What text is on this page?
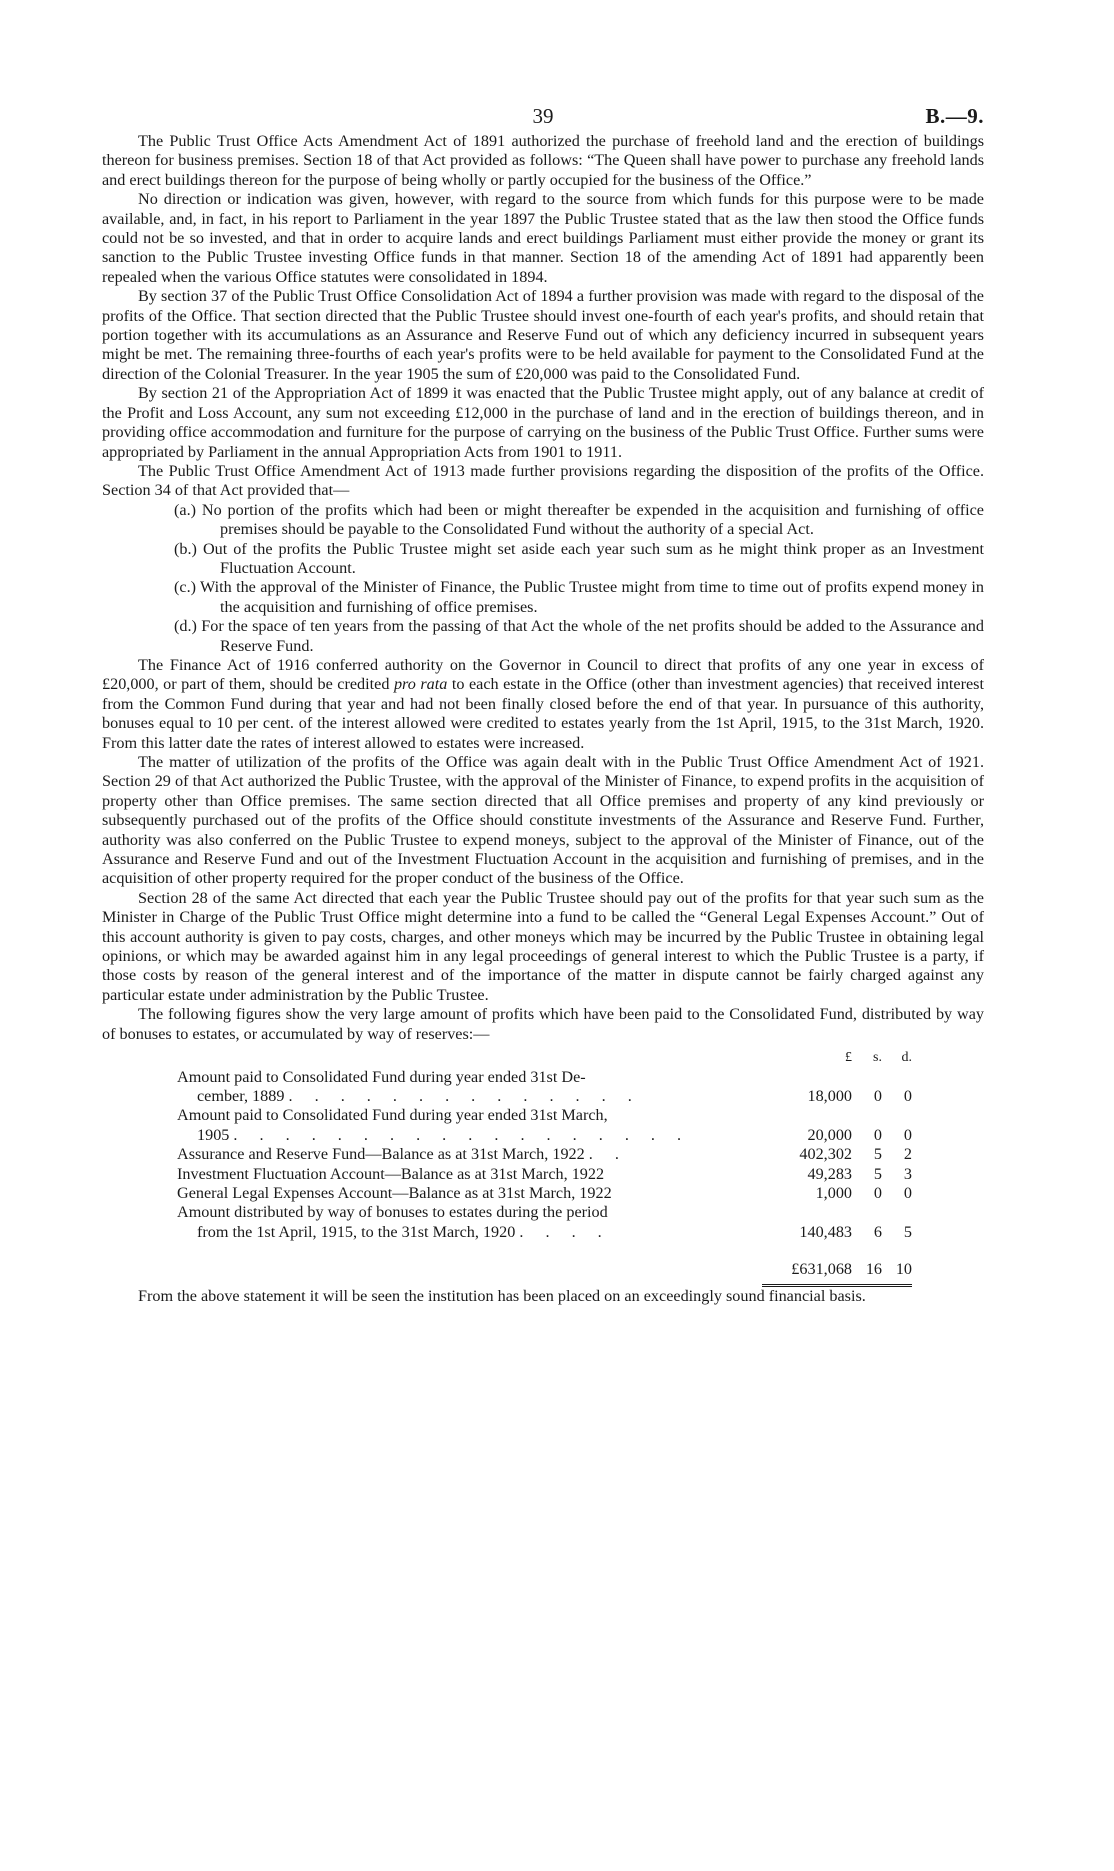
39	B.—9.

The Public Trust Office Acts Amendment Act of 1891 authorized the purchase of freehold land and the erection of buildings thereon for business premises. Section 18 of that Act provided as follows: “The Queen shall have power to purchase any freehold lands and erect buildings thereon for the purpose of being wholly or partly occupied for the business of the Office.”

No direction or indication was given, however, with regard to the source from which funds for this purpose were to be made available, and, in fact, in his report to Parliament in the year 1897 the Public Trustee stated that as the law then stood the Office funds could not be so invested, and that in order to acquire lands and erect buildings Parliament must either provide the money or grant its sanction to the Public Trustee investing Office funds in that manner. Section 18 of the amending Act of 1891 had apparently been repealed when the various Office statutes were consolidated in 1894.

By section 37 of the Public Trust Office Consolidation Act of 1894 a further provision was made with regard to the disposal of the profits of the Office. That section directed that the Public Trustee should invest one-fourth of each year's profits, and should retain that portion together with its accumulations as an Assurance and Reserve Fund out of which any deficiency incurred in subsequent years might be met. The remaining three-fourths of each year's profits were to be held available for payment to the Consolidated Fund at the direction of the Colonial Treasurer. In the year 1905 the sum of £20,000 was paid to the Consolidated Fund.

By section 21 of the Appropriation Act of 1899 it was enacted that the Public Trustee might apply, out of any balance at credit of the Profit and Loss Account, any sum not exceeding £12,000 in the purchase of land and in the erection of buildings thereon, and in providing office accommodation and furniture for the purpose of carrying on the business of the Public Trust Office. Further sums were appropriated by Parliament in the annual Appropriation Acts from 1901 to 1911.

The Public Trust Office Amendment Act of 1913 made further provisions regarding the disposition of the profits of the Office. Section 34 of that Act provided that—

(a.) No portion of the profits which had been or might thereafter be expended in the acquisition and furnishing of office premises should be payable to the Consolidated Fund without the authority of a special Act.

(b.) Out of the profits the Public Trustee might set aside each year such sum as he might think proper as an Investment Fluctuation Account.

(c.) With the approval of the Minister of Finance, the Public Trustee might from time to time out of profits expend money in the acquisition and furnishing of office premises.

(d.) For the space of ten years from the passing of that Act the whole of the net profits should be added to the Assurance and Reserve Fund.

The Finance Act of 1916 conferred authority on the Governor in Council to direct that profits of any one year in excess of £20,000, or part of them, should be credited pro rata to each estate in the Office (other than investment agencies) that received interest from the Common Fund during that year and had not been finally closed before the end of that year. In pursuance of this authority, bonuses equal to 10 per cent. of the interest allowed were credited to estates yearly from the 1st April, 1915, to the 31st March, 1920. From this latter date the rates of interest allowed to estates were increased.

The matter of utilization of the profits of the Office was again dealt with in the Public Trust Office Amendment Act of 1921. Section 29 of that Act authorized the Public Trustee, with the approval of the Minister of Finance, to expend profits in the acquisition of property other than Office premises. The same section directed that all Office premises and property of any kind previously or subsequently purchased out of the profits of the Office should constitute investments of the Assurance and Reserve Fund. Further, authority was also conferred on the Public Trustee to expend moneys, subject to the approval of the Minister of Finance, out of the Assurance and Reserve Fund and out of the Investment Fluctuation Account in the acquisition and furnishing of premises, and in the acquisition of other property required for the proper conduct of the business of the Office.

Section 28 of the same Act directed that each year the Public Trustee should pay out of the profits for that year such sum as the Minister in Charge of the Public Trust Office might determine into a fund to be called the “General Legal Expenses Account.” Out of this account authority is given to pay costs, charges, and other moneys which may be incurred by the Public Trustee in obtaining legal opinions, or which may be awarded against him in any legal proceedings of general interest to which the Public Trustee is a party, if those costs by reason of the general interest and of the importance of the matter in dispute cannot be fairly charged against any particular estate under administration by the Public Trustee.

The following figures show the very large amount of profits which have been paid to the Consolidated Fund, distributed by way of bonuses to estates, or accumulated by way of reserves:—

	£	s.	d.
Amount paid to Consolidated Fund during year ended 31st De-
cember, 1889 . . . . . . . . . . . . . .	18,000	0	0
Amount paid to Consolidated Fund during year ended 31st March,
1905 . . . . . . . . . . . . . . . . . .	20,000	0	0
Assurance and Reserve Fund—Balance as at 31st March, 1922 . .	402,302	5	2
Investment Fluctuation Account—Balance as at 31st March, 1922	49,283	5	3
General Legal Expenses Account—Balance as at 31st March, 1922	1,000	0	0
Amount distributed by way of bonuses to estates during the period
from the 1st April, 1915, to the 31st March, 1920 . . . .	140,483	6	5
	£631,068	16	10

From the above statement it will be seen the institution has been placed on an exceedingly sound financial basis.
